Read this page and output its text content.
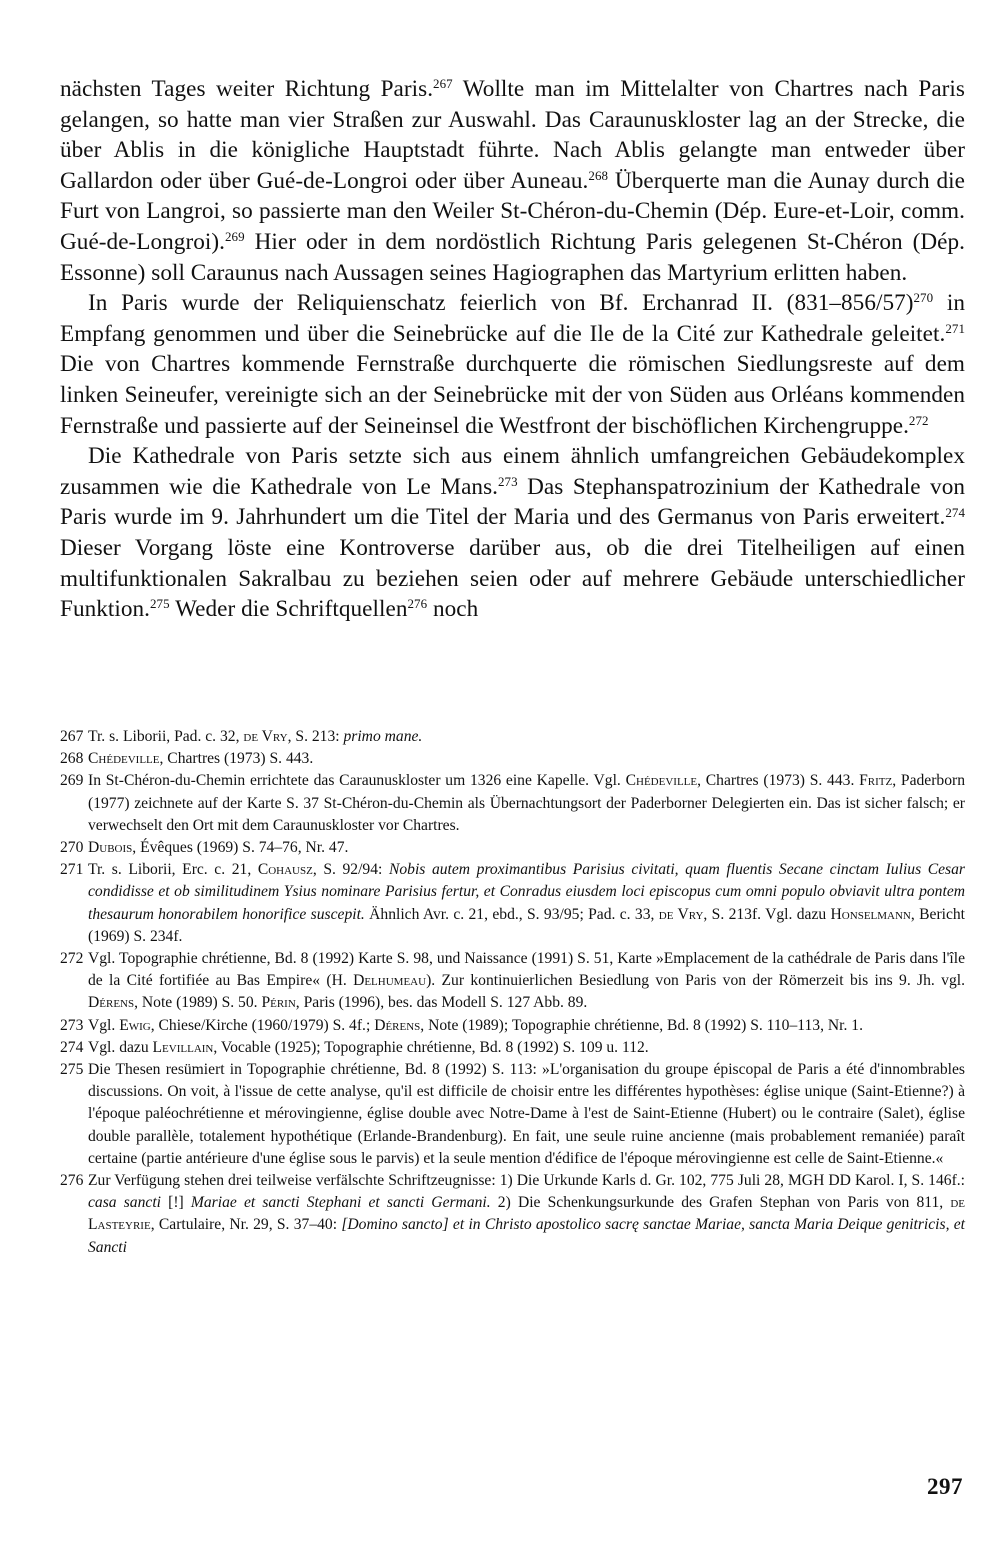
nächsten Tages weiter Richtung Paris.$^{267}$ Wollte man im Mittelalter von Chartres nach Paris gelangen, so hatte man vier Straßen zur Auswahl. Das Caraunuskloster lag an der Strecke, die über Ablis in die königliche Hauptstadt führte. Nach Ablis gelangte man entweder über Gallardon oder über Gué-de-Longroi oder über Auneau.$^{268}$ Überquerte man die Aunay durch die Furt von Langroi, so passierte man den Weiler St-Chéron-du-Chemin (Dép. Eure-et-Loir, comm. Gué-de-Longroi).$^{269}$ Hier oder in dem nordöstlich Richtung Paris gelegenen St-Chéron (Dép. Essonne) soll Caraunus nach Aussagen seines Hagiographen das Martyrium erlitten haben.

In Paris wurde der Reliquienschatz feierlich von Bf. Erchanrad II. $(831-856/57)^{270}$ in Empfang genommen und über die Seinebrücke auf die Ile de la Cité zur Kathedrale geleitet.$^{271}$ Die von Chartres kommende Fernstraße durchquerte die römischen Siedlungsreste auf dem linken Seineufer, vereinigte sich an der Seinebrücke mit der von Süden aus Orléans kommenden Fernstraße und passierte auf der Seineinsel die Westfront der bischöflichen Kirchengruppe.$^{272}$

Die Kathedrale von Paris setzte sich aus einem ähnlich umfangreichen Gebäudekomplex zusammen wie die Kathedrale von Le Mans.$^{273}$ Das Stephanspatrozinium der Kathedrale von Paris wurde im 9. Jahrhundert um die Titel der Maria und des Germanus von Paris erweitert.$^{274}$ Dieser Vorgang löste eine Kontroverse darüber aus, ob die drei Titelheiligen auf einen multifunktionalen Sakralbau zu beziehen seien oder auf mehrere Gebäude unterschiedlicher Funktion.$^{275}$ Weder die Schriftquellen$^{276}$ noch

267 Tr. s. Liborii, Pad. c. 32, de Vry, S. 213: primo mane.

268 Chédeville, Chartres (1973) S. 443.

269 In St-Chéron-du-Chemin errichtete das Caraunuskloster um 1326 eine Kapelle. Vgl. Chédeville, Chartres (1973) S. 443. Fritz, Paderborn (1977) zeichnete auf der Karte S. 37 St-Chéron-du-Chemin als Übernachtungsort der Paderborner Delegierten ein. Das ist sicher falsch; er verwechselt den Ort mit dem Caraunuskloster vor Chartres.

270 Dubois, Évêques (1969) S. 74–76, Nr. 47.

271 Tr. s. Liborii, Erc. c. 21, Cohausz, S. 92/94: Nobis autem proximantibus Parisius civitati, quam fluentis Secane cinctam Iulius Cesar condidisse et ob similitudinem Ysius nominare Parisius fertur, et Conradus eiusdem loci episcopus cum omni populo obviavit ultra pontem thesaurum honorabilem honorifice suscepit. Ähnlich Avr. c. 21, ebd., S. 93/95; Pad. c. 33, de Vry, S. 213f. Vgl. dazu Honselmann, Bericht (1969) S. 234f.

272 Vgl. Topographie chrétienne, Bd. 8 (1992) Karte S. 98, und Naissance (1991) S. 51, Karte »Emplacement de la cathédrale de Paris dans l'île de la Cité fortifiée au Bas Empire« (H. Delhumeau). Zur kontinuierlichen Besiedlung von Paris von der Römerzeit bis ins 9. Jh. vgl. Dérens, Note (1989) S. 50. Périn, Paris (1996), bes. das Modell S. 127 Abb. 89.

273 Vgl. Ewig, Chiese/Kirche (1960/1979) S. 4f.; Dérens, Note (1989); Topographie chrétienne, Bd. 8 (1992) S. 110–113, Nr. 1.

274 Vgl. dazu Levillain, Vocable (1925); Topographie chrétienne, Bd. 8 (1992) S. 109 u. 112.

275 Die Thesen resümiert in Topographie chrétienne, Bd. 8 (1992) S. 113: »L'organisation du groupe épiscopal de Paris a été d'innombrables discussions. On voit, à l'issue de cette analyse, qu'il est difficile de choisir entre les différentes hypothèses: église unique (Saint-Etienne?) à l'époque paléochrétienne et mérovingienne, église double avec Notre-Dame à l'est de Saint-Etienne (Hubert) ou le contraire (Salet), église double parallèle, totalement hypothétique (Erlande-Brandenburg). En fait, une seule ruine ancienne (mais probablement remaniée) paraît certaine (partie antérieure d'une église sous le parvis) et la seule mention d'édifice de l'époque mérovingienne est celle de Saint-Etienne.«

276 Zur Verfügung stehen drei teilweise verfälschte Schriftzeugnisse: 1) Die Urkunde Karls d. Gr. 102, 775 Juli 28, MGH DD Karol. I, S. 146f.: casa sancti [!] Mariae et sancti Stephani et sancti Germani. 2) Die Schenkungsurkunde des Grafen Stephan von Paris von 811, de Lasteyrie, Cartulaire, Nr. 29, S. 37–40: [Domino sancto] et in Christo apostolico sacrę sanctae Mariae, sancta Maria Deique genitricis, et Sancti

297
